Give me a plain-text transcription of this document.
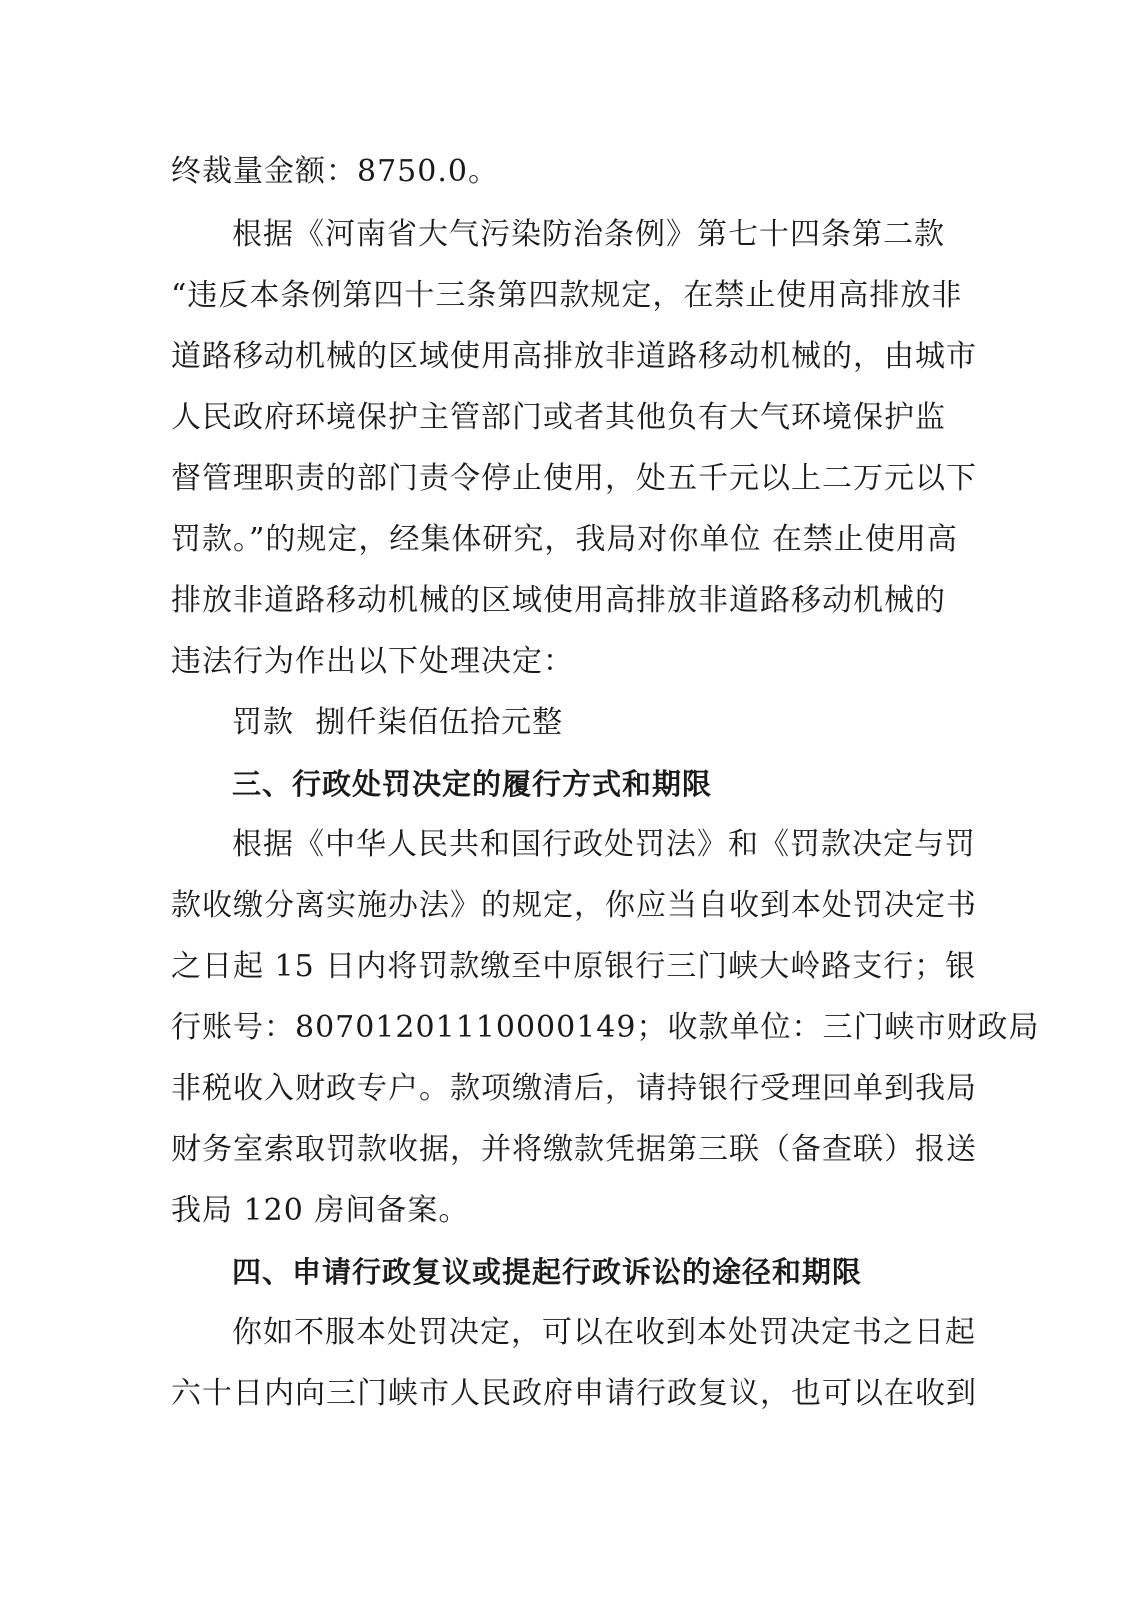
终裁量金额：8750.0。
根据《河南省大气污染防治条例》第七十四条第二款
“违反本条例第四十三条第四款规定，在禁止使用高排放非
道路移动机械的区域使用高排放非道路移动机械的，由城市
人民政府环境保护主管部门或者其他负有大气环境保护监
督管理职责的部门责令停止使用，处五千元以上二万元以下
罚款。”的规定，经集体研究，我局对你单位 在禁止使用高
排放非道路移动机械的区域使用高排放非道路移动机械的
违法行为作出以下处理决定：
罚款  捌仟柒佰伍拾元整
三、行政处罚决定的履行方式和期限
根据《中华人民共和国行政处罚法》和《罚款决定与罚
款收缴分离实施办法》的规定，你应当自收到本处罚决定书
之日起 15 日内将罚款缴至中原银行三门峡大岭路支行；银
行账号：80701201110000149；收款单位：三门峡市财政局
非税收入财政专户。款项缴清后，请持银行受理回单到我局
财务室索取罚款收据，并将缴款凭据第三联（备查联）报送
我局 120 房间备案。
四、申请行政复议或提起行政诉讼的途径和期限
你如不服本处罚决定，可以在收到本处罚决定书之日起
六十日内向三门峡市人民政府申请行政复议，也可以在收到
